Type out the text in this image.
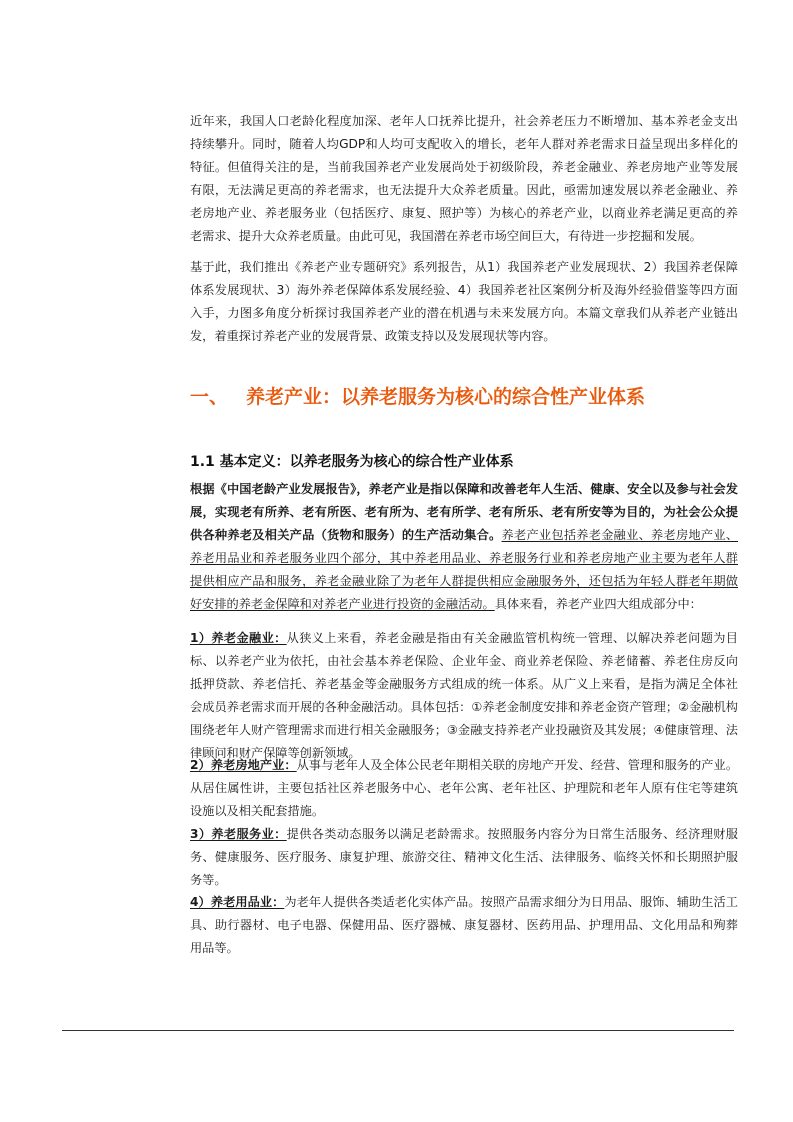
近年来，我国人口老龄化程度加深、老年人口抚养比提升，社会养老压力不断增加、基本养老金支出持续攀升。同时，随着人均GDP和人均可支配收入的增长，老年人群对养老需求日益呈现出多样化的特征。但值得关注的是，当前我国养老产业发展尚处于初级阶段，养老金融业、养老房地产业等发展有限，无法满足更高的养老需求，也无法提升大众养老质量。因此，亟需加速发展以养老金融业、养老房地产业、养老服务业（包括医疗、康复、照护等）为核心的养老产业，以商业养老满足更高的养老需求、提升大众养老质量。由此可见，我国潜在养老市场空间巨大，有待进一步挖掘和发展。

基于此，我们推出《养老产业专题研究》系列报告，从1）我国养老产业发展现状、2）我国养老保障体系发展现状、3）海外养老保障体系发展经验、4）我国养老社区案例分析及海外经验借鉴等四方面入手，力图多角度分析探讨我国养老产业的潜在机遇与未来发展方向。本篇文章我们从养老产业链出发，着重探讨养老产业的发展背景、政策支持以及发展现状等内容。

一、 养老产业：以养老服务为核心的综合性产业体系
1.1 基本定义：以养老服务为核心的综合性产业体系

根据《中国老龄产业发展报告》，养老产业是指以保障和改善老年人生活、健康、安全以及参与社会发展，实现老有所养、老有所医、老有所为、老有所学、老有所乐、老有所安等为目的，为社会公众提供各种养老及相关产品（货物和服务）的生产活动集合。养老产业包括养老金融业、养老房地产业、养老用品业和养老服务业四个部分，其中养老用品业、养老服务行业和养老房地产业主要为老年人群提供相应产品和服务，养老金融业除了为老年人群提供相应金融服务外，还包括为年轻人群老年期做好安排的养老金保障和对养老产业进行投资的金融活动。具体来看，养老产业四大组成部分中：

1）养老金融业：从狭义上来看，养老金融是指由有关金融监管机构统一管理、以解决养老问题为目标、以养老产业为依托，由社会基本养老保险、企业年金、商业养老保险、养老储蓄、养老住房反向抵押贷款、养老信托、养老基金等金融服务方式组成的统一体系。从广义上来看，是指为满足全体社会成员养老需求而开展的各种金融活动。具体包括：①养老金制度安排和养老金资产管理；②金融机构围绕老年人财产管理需求而进行相关金融服务；③金融支持养老产业投融资及其发展；④健康管理、法律顾问和财产保障等创新领域。

2）养老房地产业：从事与老年人及全体公民老年期相关联的房地产开发、经营、管理和服务的产业。从居住属性讲，主要包括社区养老服务中心、老年公寓、老年社区、护理院和老年人原有住宅等建筑设施以及相关配套措施。

3）养老服务业：提供各类动态服务以满足老龄需求。按照服务内容分为日常生活服务、经济理财服务、健康服务、医疗服务、康复护理、旅游交往、精神文化生活、法律服务、临终关怀和长期照护服务等。

4）养老用品业：为老年人提供各类适老化实体产品。按照产品需求细分为日用品、服饰、辅助生活工具、助行器材、电子电器、保健用品、医疗器械、康复器材、医药用品、护理用品、文化用品和殉葬用品等。
